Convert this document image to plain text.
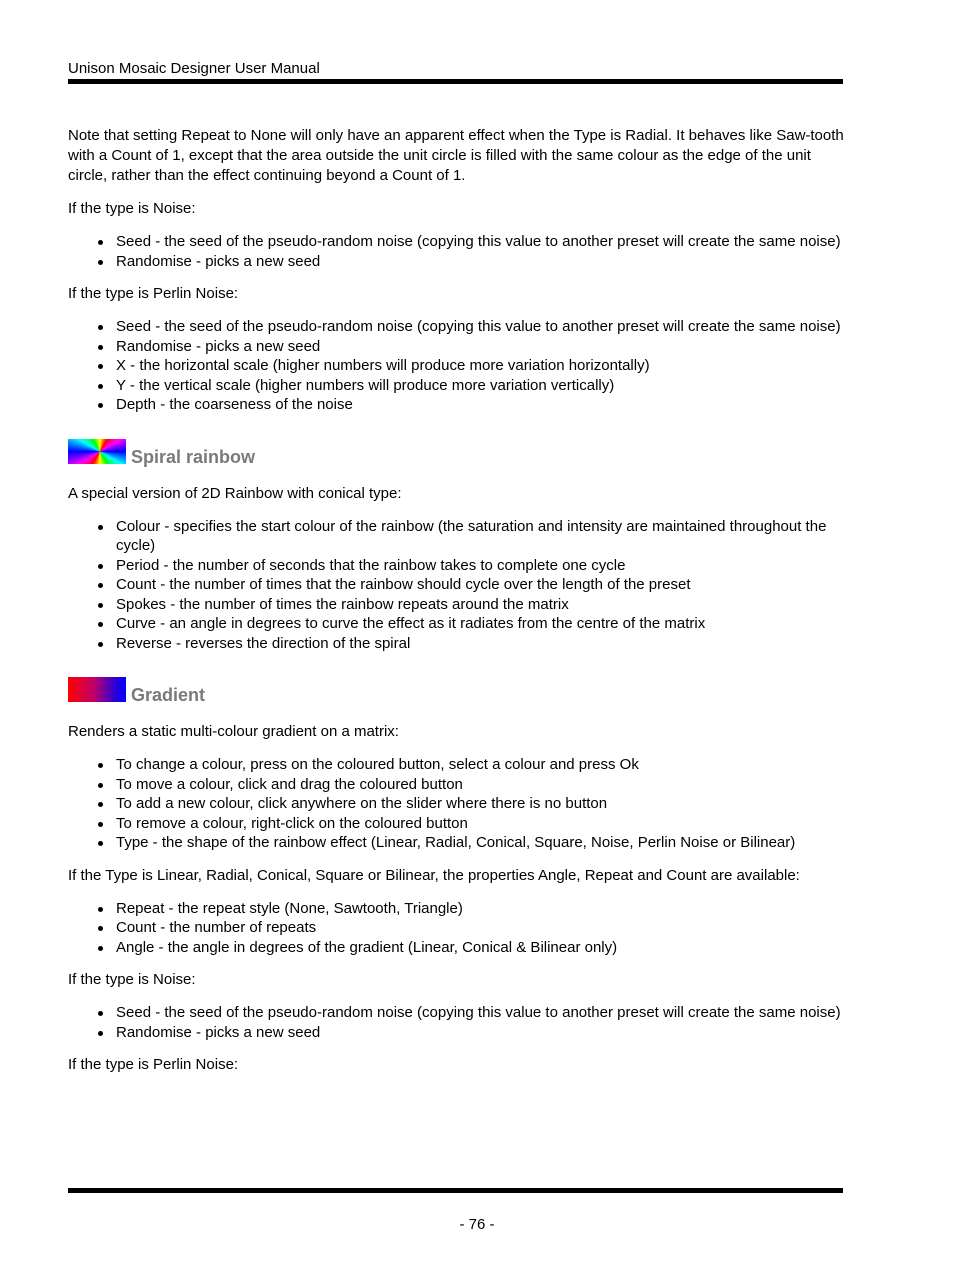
Unison Mosaic Designer User Manual

Note that setting Repeat to None will only have an apparent effect when the Type is Radial. It behaves like Saw-tooth with a Count of 1, except that the area outside the unit circle is filled with the same colour as the edge of the unit circle, rather than the effect continuing beyond a Count of 1.

If the type is Noise:

Seed - the seed of the pseudo-random noise (copying this value to another preset will create the same noise)
Randomise - picks a new seed

If the type is Perlin Noise:

Seed - the seed of the pseudo-random noise (copying this value to another preset will create the same noise)
Randomise - picks a new seed
X - the horizontal scale (higher numbers will produce more variation horizontally)
Y - the vertical scale (higher numbers will produce more variation vertically)
Depth - the coarseness of the noise
Spiral rainbow

A special version of 2D Rainbow with conical type:

Colour - specifies the start colour of the rainbow (the saturation and intensity are maintained throughout the cycle)
Period - the number of seconds that the rainbow takes to complete one cycle
Count - the number of times that the rainbow should cycle over the length of the preset
Spokes - the number of times the rainbow repeats around the matrix
Curve - an angle in degrees to curve the effect as it radiates from the centre of the matrix
Reverse - reverses the direction of the spiral
Gradient

Renders a static multi-colour gradient on a matrix:

To change a colour, press on the coloured button, select a colour and press Ok
To move a colour, click and drag the coloured button
To add a new colour, click anywhere on the slider where there is no button
To remove a colour, right-click on the coloured button
Type - the shape of the rainbow effect (Linear, Radial, Conical, Square, Noise, Perlin Noise or Bilinear)

If the Type is Linear, Radial, Conical, Square or Bilinear, the properties Angle, Repeat and Count are available:

Repeat - the repeat style (None, Sawtooth, Triangle)
Count - the number of repeats
Angle - the angle in degrees of the gradient (Linear, Conical & Bilinear only)

If the type is Noise:

Seed - the seed of the pseudo-random noise (copying this value to another preset will create the same noise)
Randomise - picks a new seed

If the type is Perlin Noise:

- 76 -
